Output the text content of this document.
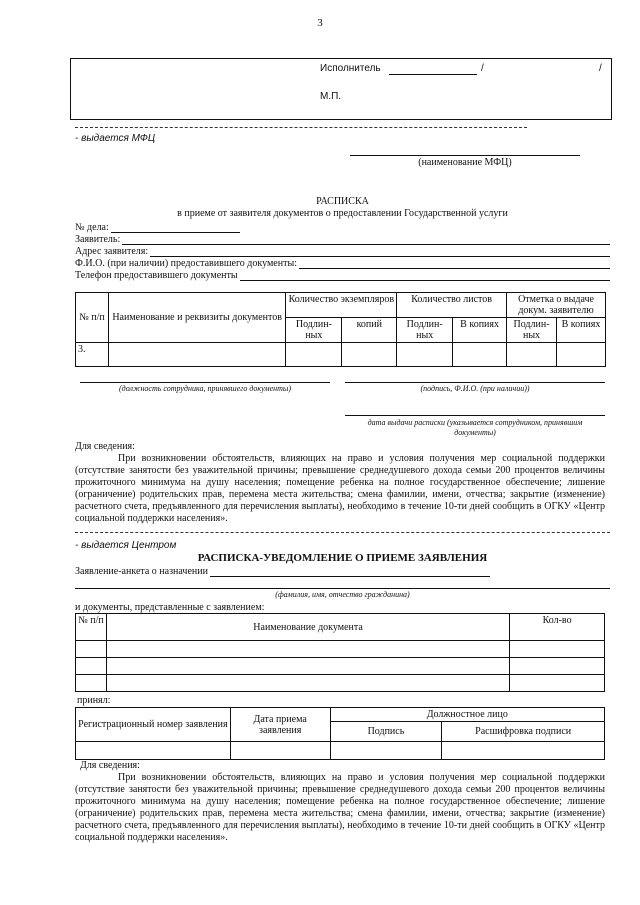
3
Исполнитель	/	/
М.П.
- выдается МФЦ
(наименование МФЦ)
РАСПИСКА
в приеме от заявителя документов о предоставлении Государственной услуги
№ дела:
Заявитель:
Адрес заявителя:
Ф.И.О. (при наличии) предоставившего документы:
Телефон предоставившего документы
№ п/п	Наименование и реквизиты документов	Количество экземпляров		Количество листов		Отметка о выдаче докум. заявителю	
		Подлин-ных	копий	Подлин-ных	В копиях	Подлин-ных	В копиях
3.							
(должность сотрудника, принявшего документы)	(подпись, Ф.И.О. (при наличии))
дата выдачи расписки (указывается сотрудником, принявшим документы)
Для сведения:
При возникновении обстоятельств, влияющих на право и условия получения мер социальной поддержки (отсутствие занятости без уважительной причины; превышение среднедушевого дохода семьи 200 процентов величины прожиточного минимума на душу населения; помещение ребенка на полное государственное обеспечение; лишение (ограничение) родительских прав, перемена места жительства; смена фамилии, имени, отчества; закрытие (изменение) расчетного счета, предъявленного для перечисления выплаты), необходимо в течение 10-ти дней сообщить в ОГКУ «Центр социальной поддержки населения».
- выдается Центром
РАСПИСКА-УВЕДОМЛЕНИЕ О ПРИЕМЕ ЗАЯВЛЕНИЯ
Заявление-анкета о назначении
(фамилия, имя, отчество гражданина)
и документы, представленные с заявлением:
№ п/п	Наименование документа	Кол-во

принял:
Регистрационный номер заявления	Дата приема заявления	Должностное лицо	
		Подпись	Расшифровка подписи

Для сведения:
При возникновении обстоятельств, влияющих на право и условия получения мер социальной поддержки (отсутствие занятости без уважительной причины; превышение среднедушевого дохода семьи 200 процентов величины прожиточного минимума на душу населения; помещение ребенка на полное государственное обеспечение; лишение (ограничение) родительских прав, перемена места жительства; смена фамилии, имени, отчества; закрытие (изменение) расчетного счета, предъявленного для перечисления выплаты), необходимо в течение 10-ти дней сообщить в ОГКУ «Центр социальной поддержки населения».
